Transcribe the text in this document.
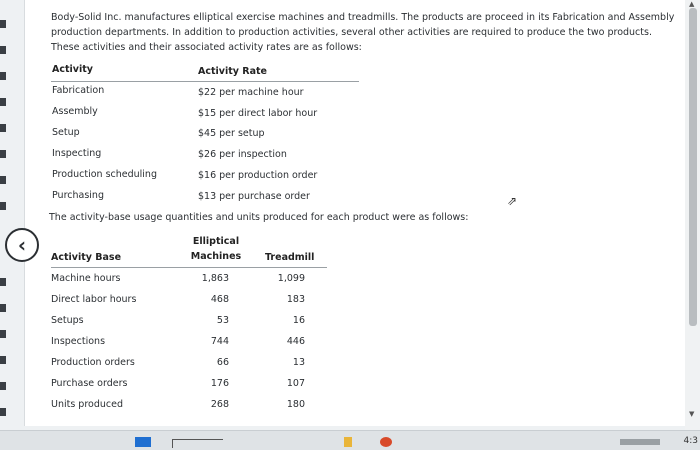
‹
Body-Solid Inc. manufactures elliptical exercise machines and treadmills. The products are proceed in its Fabrication and Assembly production departments. In addition to production activities, several other activities are required to produce the two products. These activities and their associated activity rates are as follows:
Activity	Activity Rate
Fabrication	$22 per machine hour
Assembly	$15 per direct labor hour
Setup	$45 per setup
Inspecting	$26 per inspection
Production scheduling	$16 per production order
Purchasing	$13 per purchase order
The activity-base usage quantities and units produced for each product were as follows:
Elliptical
Activity Base	Machines	Treadmill
Machine hours	1,863	1,099
Direct labor hours	468	183
Setups	53	16
Inspections	744	446
Production orders	66	13
Purchase orders	176	107
Units produced	268	180
⇗
▲
▼
4:3
